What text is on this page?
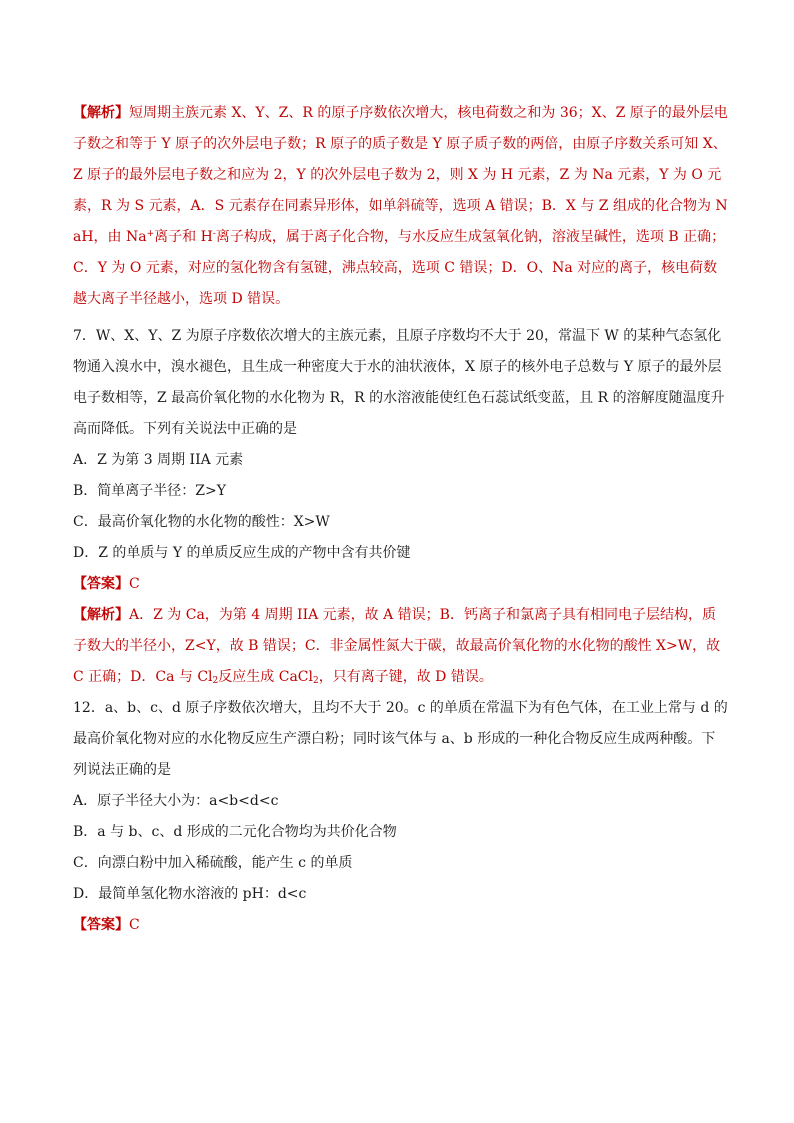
【解析】短周期主族元素 X、Y、Z、R 的原子序数依次增大，核电荷数之和为 36；X、Z 原子的最外层电子数之和等于 Y 原子的次外层电子数；R 原子的质子数是 Y 原子质子数的两倍，由原子序数关系可知 X、Z 原子的最外层电子数之和应为 2，Y 的次外层电子数为 2，则 X 为 H 元素，Z 为 Na 元素，Y 为 O 元素，R 为 S 元素，A．S 元素存在同素异形体，如单斜硫等，选项 A 错误；B．X 与 Z 组成的化合物为 NaH，由 Na+离子和 H-离子构成，属于离子化合物，与水反应生成氢氧化钠，溶液呈碱性，选项 B 正确；C．Y 为 O 元素，对应的氢化物含有氢键，沸点较高，选项 C 错误；D．O、Na 对应的离子，核电荷数越大离子半径越小，选项 D 错误。

7．W、X、Y、Z 为原子序数依次增大的主族元素，且原子序数均不大于 20，常温下 W 的某种气态氢化物通入溴水中，溴水褪色，且生成一种密度大于水的油状液体，X 原子的核外电子总数与 Y 原子的最外层电子数相等，Z 最高价氧化物的水化物为 R，R 的水溶液能使红色石蕊试纸变蓝，且 R 的溶解度随温度升高而降低。下列有关说法中正确的是

A．Z 为第 3 周期 IIA 元素

B．简单离子半径：Z>Y

C．最高价氧化物的水化物的酸性：X>W

D．Z 的单质与 Y 的单质反应生成的产物中含有共价键

【答案】C

【解析】A．Z 为 Ca，为第 4 周期 IIA 元素，故 A 错误；B．钙离子和氯离子具有相同电子层结构，质子数大的半径小，Z<Y，故 B 错误；C．非金属性氮大于碳，故最高价氧化物的水化物的酸性 X>W，故 C 正确；D．Ca 与 $Cl_2$反应生成 CaCl$_2$，只有离子键，故 D 错误。

12．a、b、c、d 原子序数依次增大，且均不大于 20。c 的单质在常温下为有色气体，在工业上常与 d 的最高价氧化物对应的水化物反应生产漂白粉；同时该气体与 a、b 形成的一种化合物反应生成两种酸。下列说法正确的是

A．原子半径大小为：a<b<d<c

B．a 与 b、c、d 形成的二元化合物均为共价化合物

C．向漂白粉中加入稀硫酸，能产生 c 的单质

D．最简单氢化物水溶液的 pH：d<c

【答案】C
